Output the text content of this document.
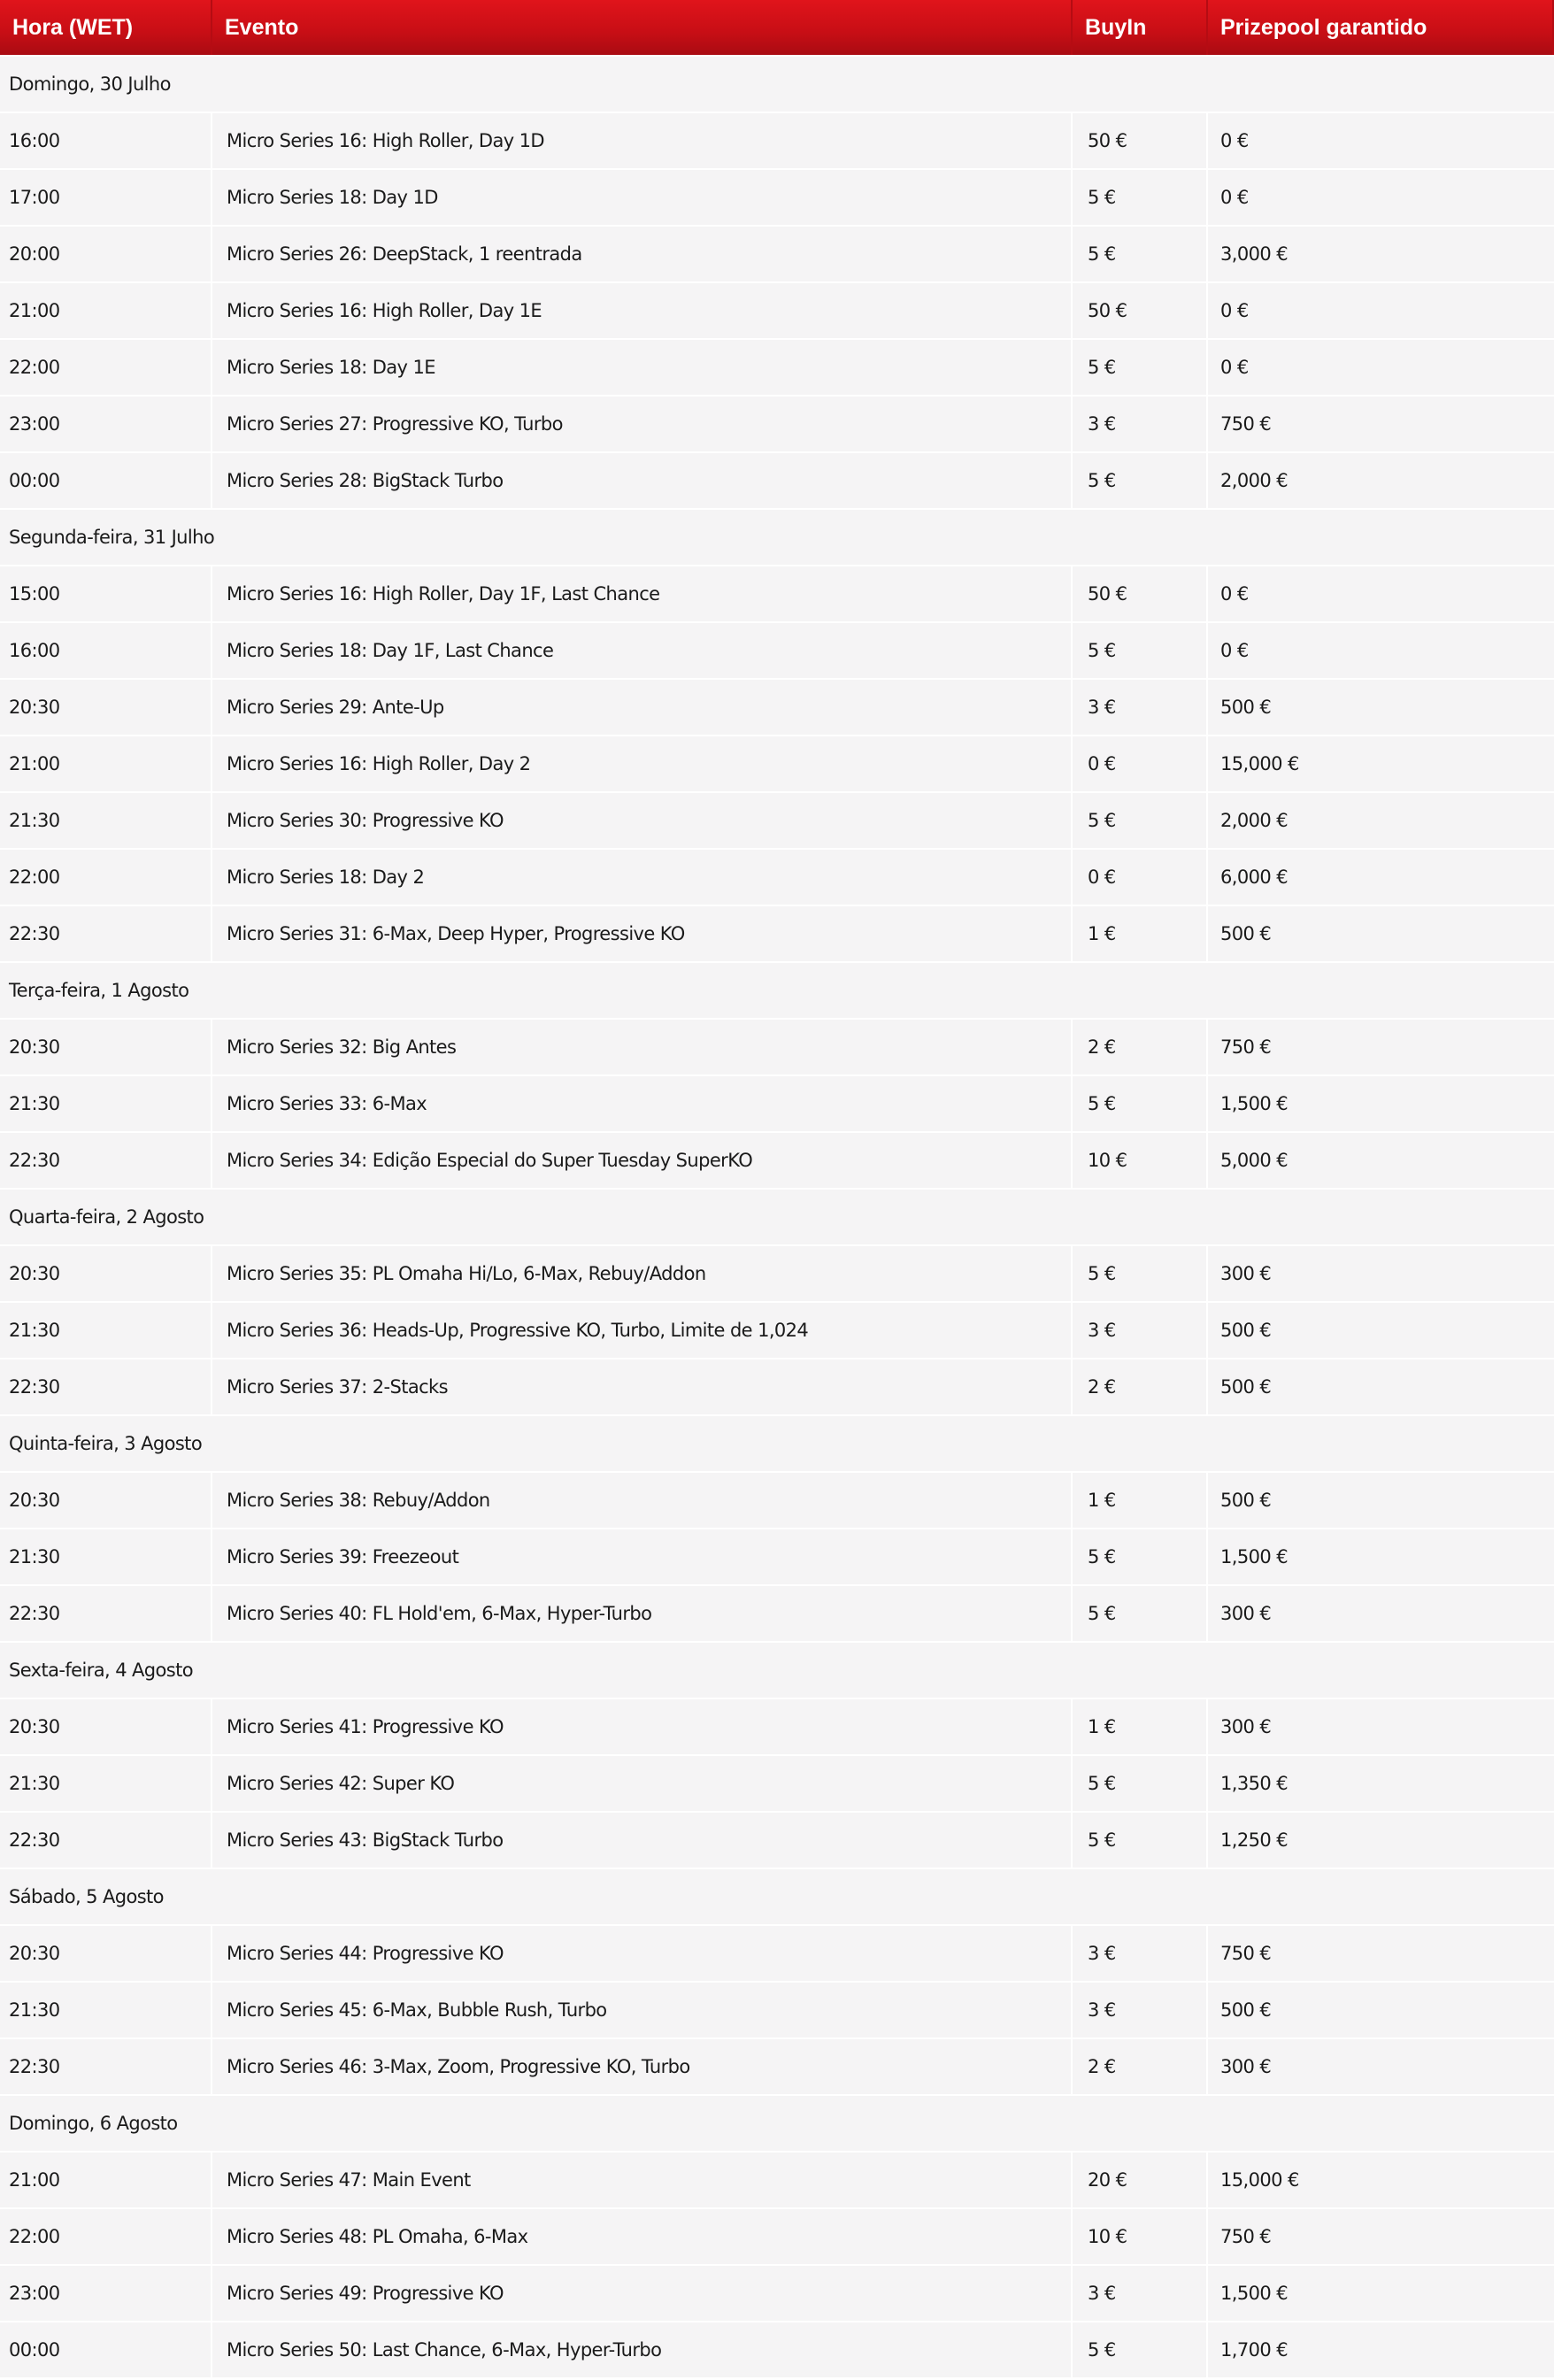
Hora (WET)	Evento	BuyIn	Prizepool garantido
Domingo, 30 Julho
16:00	Micro Series 16: High Roller, Day 1D	50 €	0 €
17:00	Micro Series 18: Day 1D	5 €	0 €
20:00	Micro Series 26: DeepStack, 1 reentrada	5 €	3,000 €
21:00	Micro Series 16: High Roller, Day 1E	50 €	0 €
22:00	Micro Series 18: Day 1E	5 €	0 €
23:00	Micro Series 27: Progressive KO, Turbo	3 €	750 €
00:00	Micro Series 28: BigStack Turbo	5 €	2,000 €
Segunda-feira, 31 Julho
15:00	Micro Series 16: High Roller, Day 1F, Last Chance	50 €	0 €
16:00	Micro Series 18: Day 1F, Last Chance	5 €	0 €
20:30	Micro Series 29: Ante-Up	3 €	500 €
21:00	Micro Series 16: High Roller, Day 2	0 €	15,000 €
21:30	Micro Series 30: Progressive KO	5 €	2,000 €
22:00	Micro Series 18: Day 2	0 €	6,000 €
22:30	Micro Series 31: 6-Max, Deep Hyper, Progressive KO	1 €	500 €
Terça-feira, 1 Agosto
20:30	Micro Series 32: Big Antes	2 €	750 €
21:30	Micro Series 33: 6-Max	5 €	1,500 €
22:30	Micro Series 34: Edição Especial do Super Tuesday SuperKO	10 €	5,000 €
Quarta-feira, 2 Agosto
20:30	Micro Series 35: PL Omaha Hi/Lo, 6-Max, Rebuy/Addon	5 €	300 €
21:30	Micro Series 36: Heads-Up, Progressive KO, Turbo, Limite de 1,024	3 €	500 €
22:30	Micro Series 37: 2-Stacks	2 €	500 €
Quinta-feira, 3 Agosto
20:30	Micro Series 38: Rebuy/Addon	1 €	500 €
21:30	Micro Series 39: Freezeout	5 €	1,500 €
22:30	Micro Series 40: FL Hold'em, 6-Max, Hyper-Turbo	5 €	300 €
Sexta-feira, 4 Agosto
20:30	Micro Series 41: Progressive KO	1 €	300 €
21:30	Micro Series 42: Super KO	5 €	1,350 €
22:30	Micro Series 43: BigStack Turbo	5 €	1,250 €
Sábado, 5 Agosto
20:30	Micro Series 44: Progressive KO	3 €	750 €
21:30	Micro Series 45: 6-Max, Bubble Rush, Turbo	3 €	500 €
22:30	Micro Series 46: 3-Max, Zoom, Progressive KO, Turbo	2 €	300 €
Domingo, 6 Agosto
21:00	Micro Series 47: Main Event	20 €	15,000 €
22:00	Micro Series 48: PL Omaha, 6-Max	10 €	750 €
23:00	Micro Series 49: Progressive KO	3 €	1,500 €
00:00	Micro Series 50: Last Chance, 6-Max, Hyper-Turbo	5 €	1,700 €
